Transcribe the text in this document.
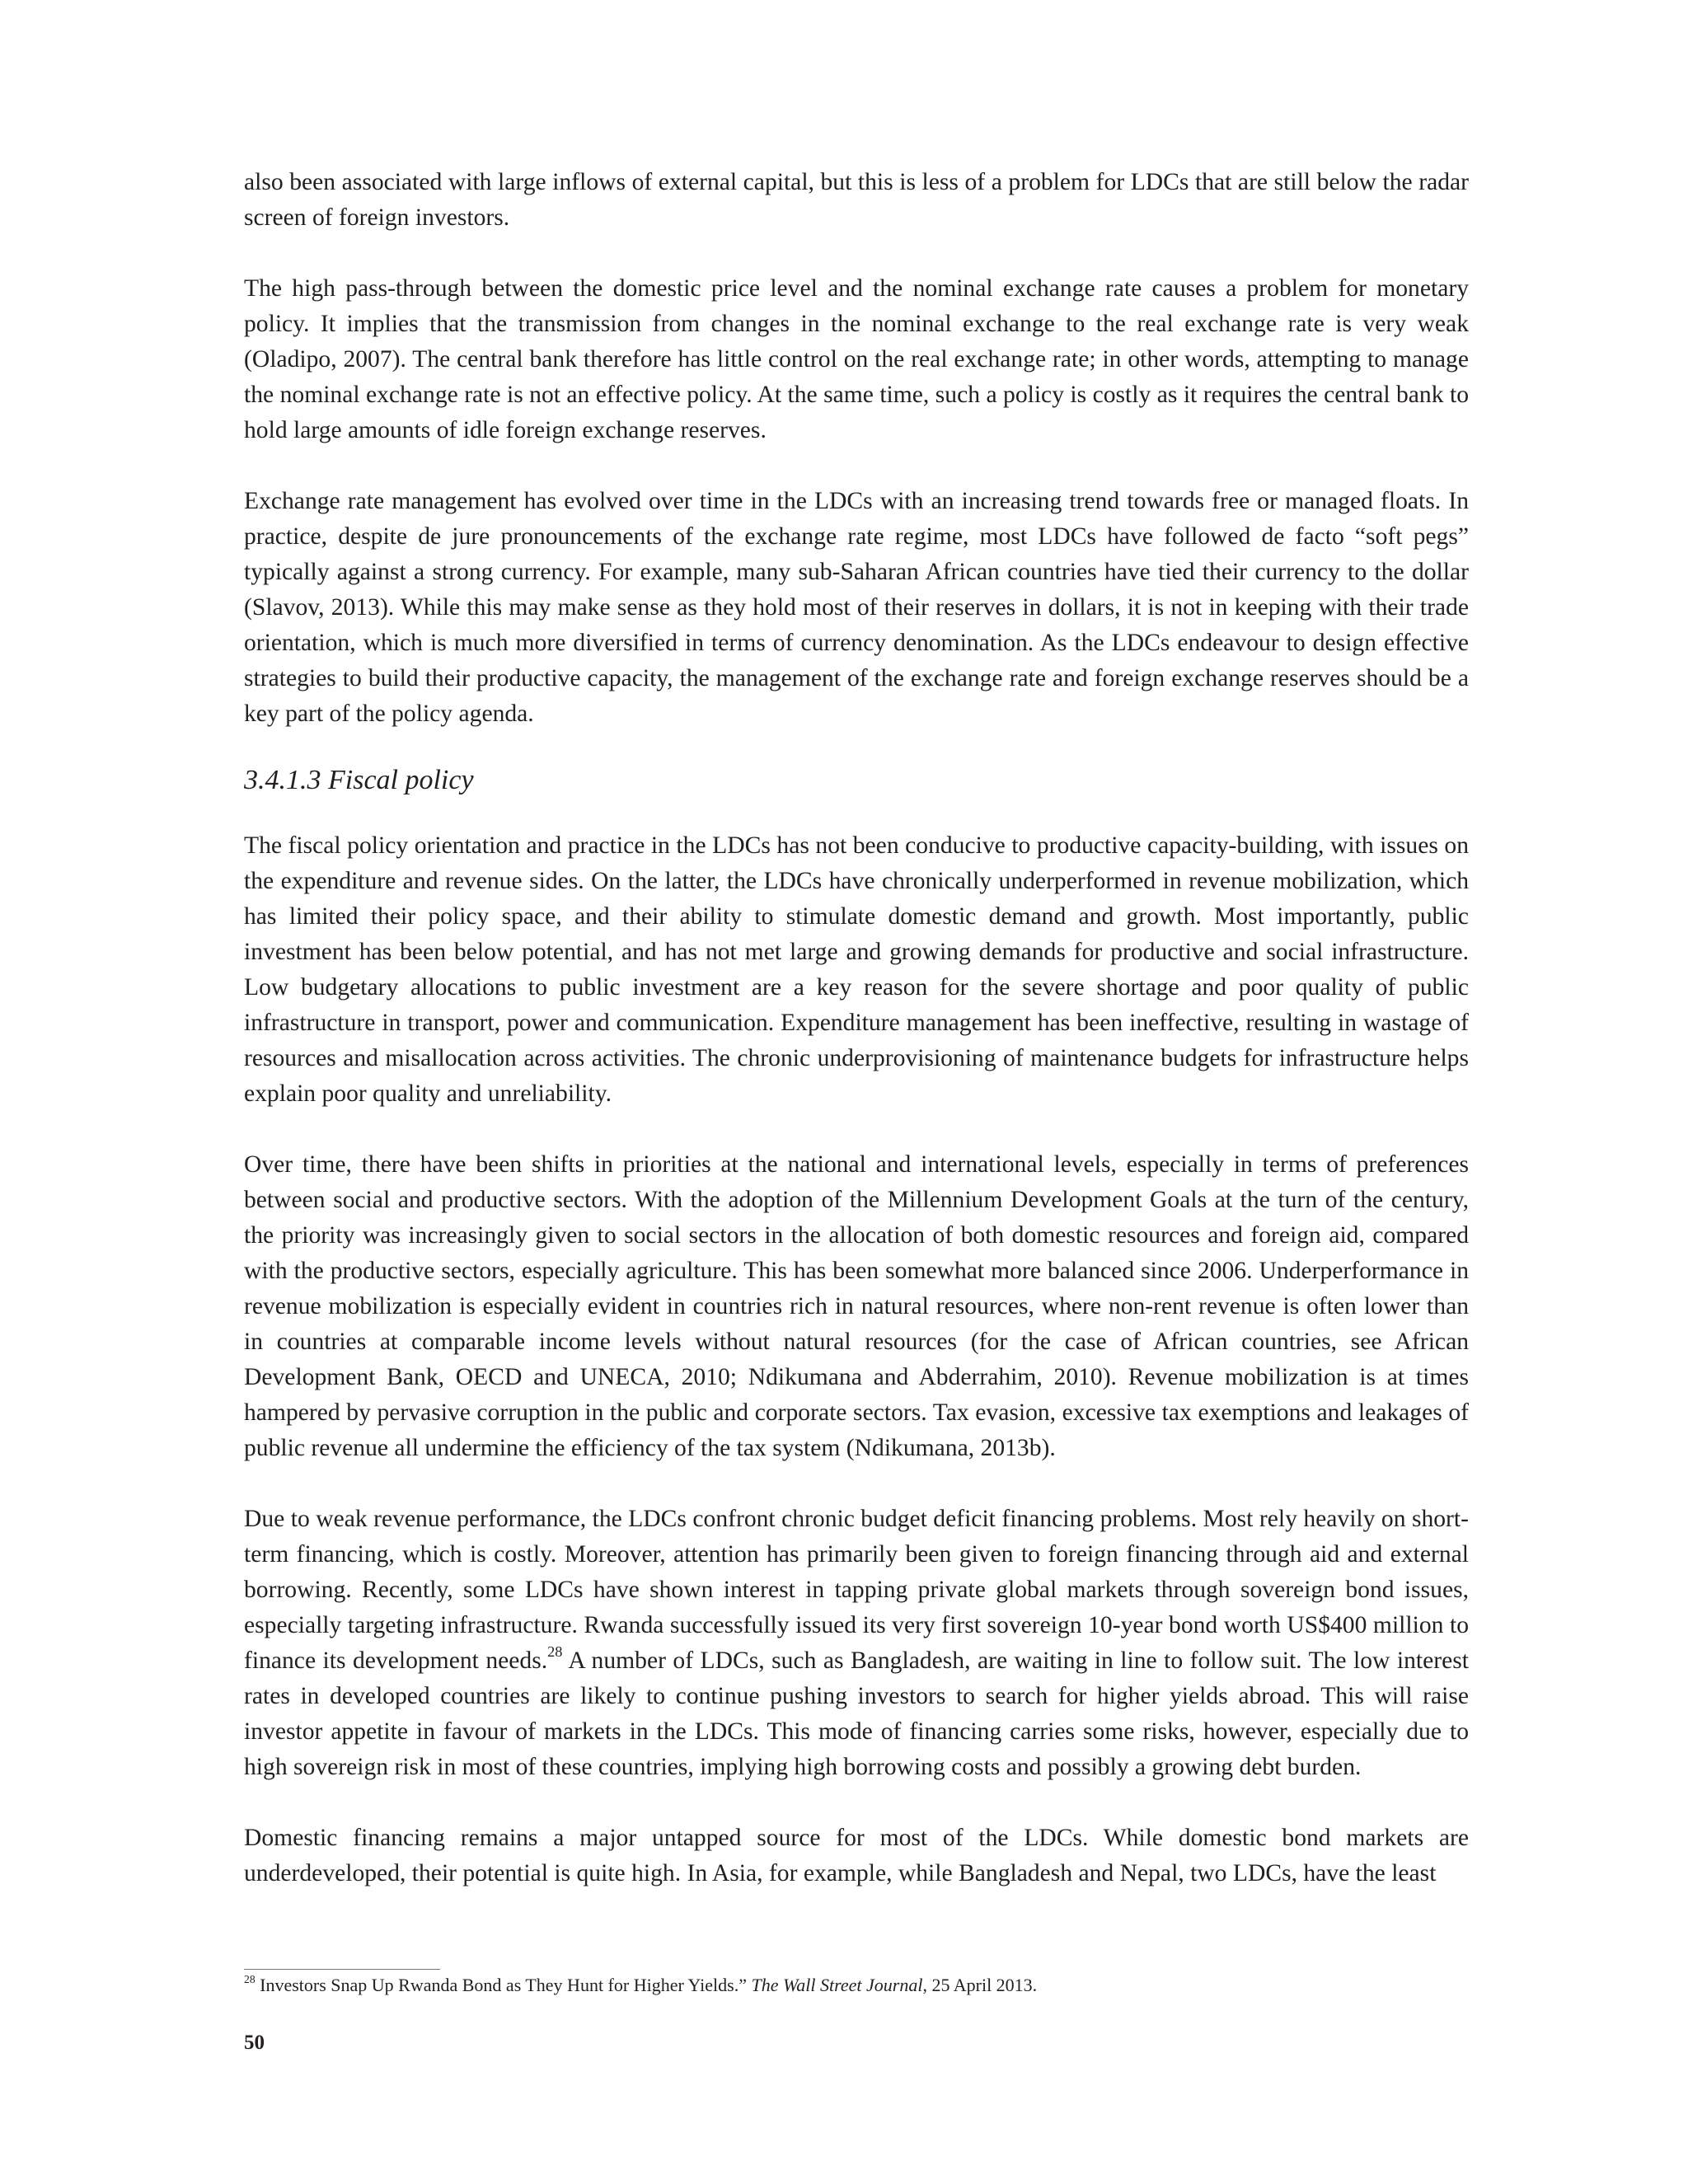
also been associated with large inflows of external capital, but this is less of a problem for LDCs that are still below the radar screen of foreign investors.

The high pass-through between the domestic price level and the nominal exchange rate causes a problem for monetary policy. It implies that the transmission from changes in the nominal exchange to the real exchange rate is very weak (Oladipo, 2007). The central bank therefore has little control on the real exchange rate; in other words, attempting to manage the nominal exchange rate is not an effective policy. At the same time, such a policy is costly as it requires the central bank to hold large amounts of idle foreign exchange reserves.

Exchange rate management has evolved over time in the LDCs with an increasing trend towards free or managed floats. In practice, despite de jure pronouncements of the exchange rate regime, most LDCs have followed de facto “soft pegs” typically against a strong currency. For example, many sub-Saharan African countries have tied their currency to the dollar (Slavov, 2013). While this may make sense as they hold most of their reserves in dollars, it is not in keeping with their trade orientation, which is much more diversified in terms of currency denomination. As the LDCs endeavour to design effective strategies to build their productive capacity, the management of the exchange rate and foreign exchange reserves should be a key part of the policy agenda.

3.4.1.3 Fiscal policy

The fiscal policy orientation and practice in the LDCs has not been conducive to productive capacity-building, with issues on the expenditure and revenue sides. On the latter, the LDCs have chronically underperformed in revenue mobilization, which has limited their policy space, and their ability to stimulate domestic demand and growth. Most importantly, public investment has been below potential, and has not met large and growing demands for productive and social infrastructure. Low budgetary allocations to public investment are a key reason for the severe shortage and poor quality of public infrastructure in transport, power and communication. Expenditure management has been ineffective, resulting in wastage of resources and misallocation across activities. The chronic underprovisioning of maintenance budgets for infrastructure helps explain poor quality and unreliability.

Over time, there have been shifts in priorities at the national and international levels, especially in terms of preferences between social and productive sectors. With the adoption of the Millennium Development Goals at the turn of the century, the priority was increasingly given to social sectors in the allocation of both domestic resources and foreign aid, compared with the productive sectors, especially agriculture. This has been somewhat more balanced since 2006. Underperformance in revenue mobilization is especially evident in countries rich in natural resources, where non-rent revenue is often lower than in countries at comparable income levels without natural resources (for the case of African countries, see African Development Bank, OECD and UNECA, 2010; Ndikumana and Abderrahim, 2010). Revenue mobilization is at times hampered by pervasive corruption in the public and corporate sectors. Tax evasion, excessive tax exemptions and leakages of public revenue all undermine the efficiency of the tax system (Ndikumana, 2013b).

Due to weak revenue performance, the LDCs confront chronic budget deficit financing problems. Most rely heavily on short-term financing, which is costly. Moreover, attention has primarily been given to foreign financing through aid and external borrowing. Recently, some LDCs have shown interest in tapping private global markets through sovereign bond issues, especially targeting infrastructure. Rwanda successfully issued its very first sovereign 10-year bond worth US$400 million to finance its development needs.$^{28}$ A number of LDCs, such as Bangladesh, are waiting in line to follow suit. The low interest rates in developed countries are likely to continue pushing investors to search for higher yields abroad. This will raise investor appetite in favour of markets in the LDCs. This mode of financing carries some risks, however, especially due to high sovereign risk in most of these countries, implying high borrowing costs and possibly a growing debt burden.

Domestic financing remains a major untapped source for most of the LDCs. While domestic bond markets are underdeveloped, their potential is quite high. In Asia, for example, while Bangladesh and Nepal, two LDCs, have the least

$^{28}$ Investors Snap Up Rwanda Bond as They Hunt for Higher Yields.” The Wall Street Journal, 25 April 2013.
50
